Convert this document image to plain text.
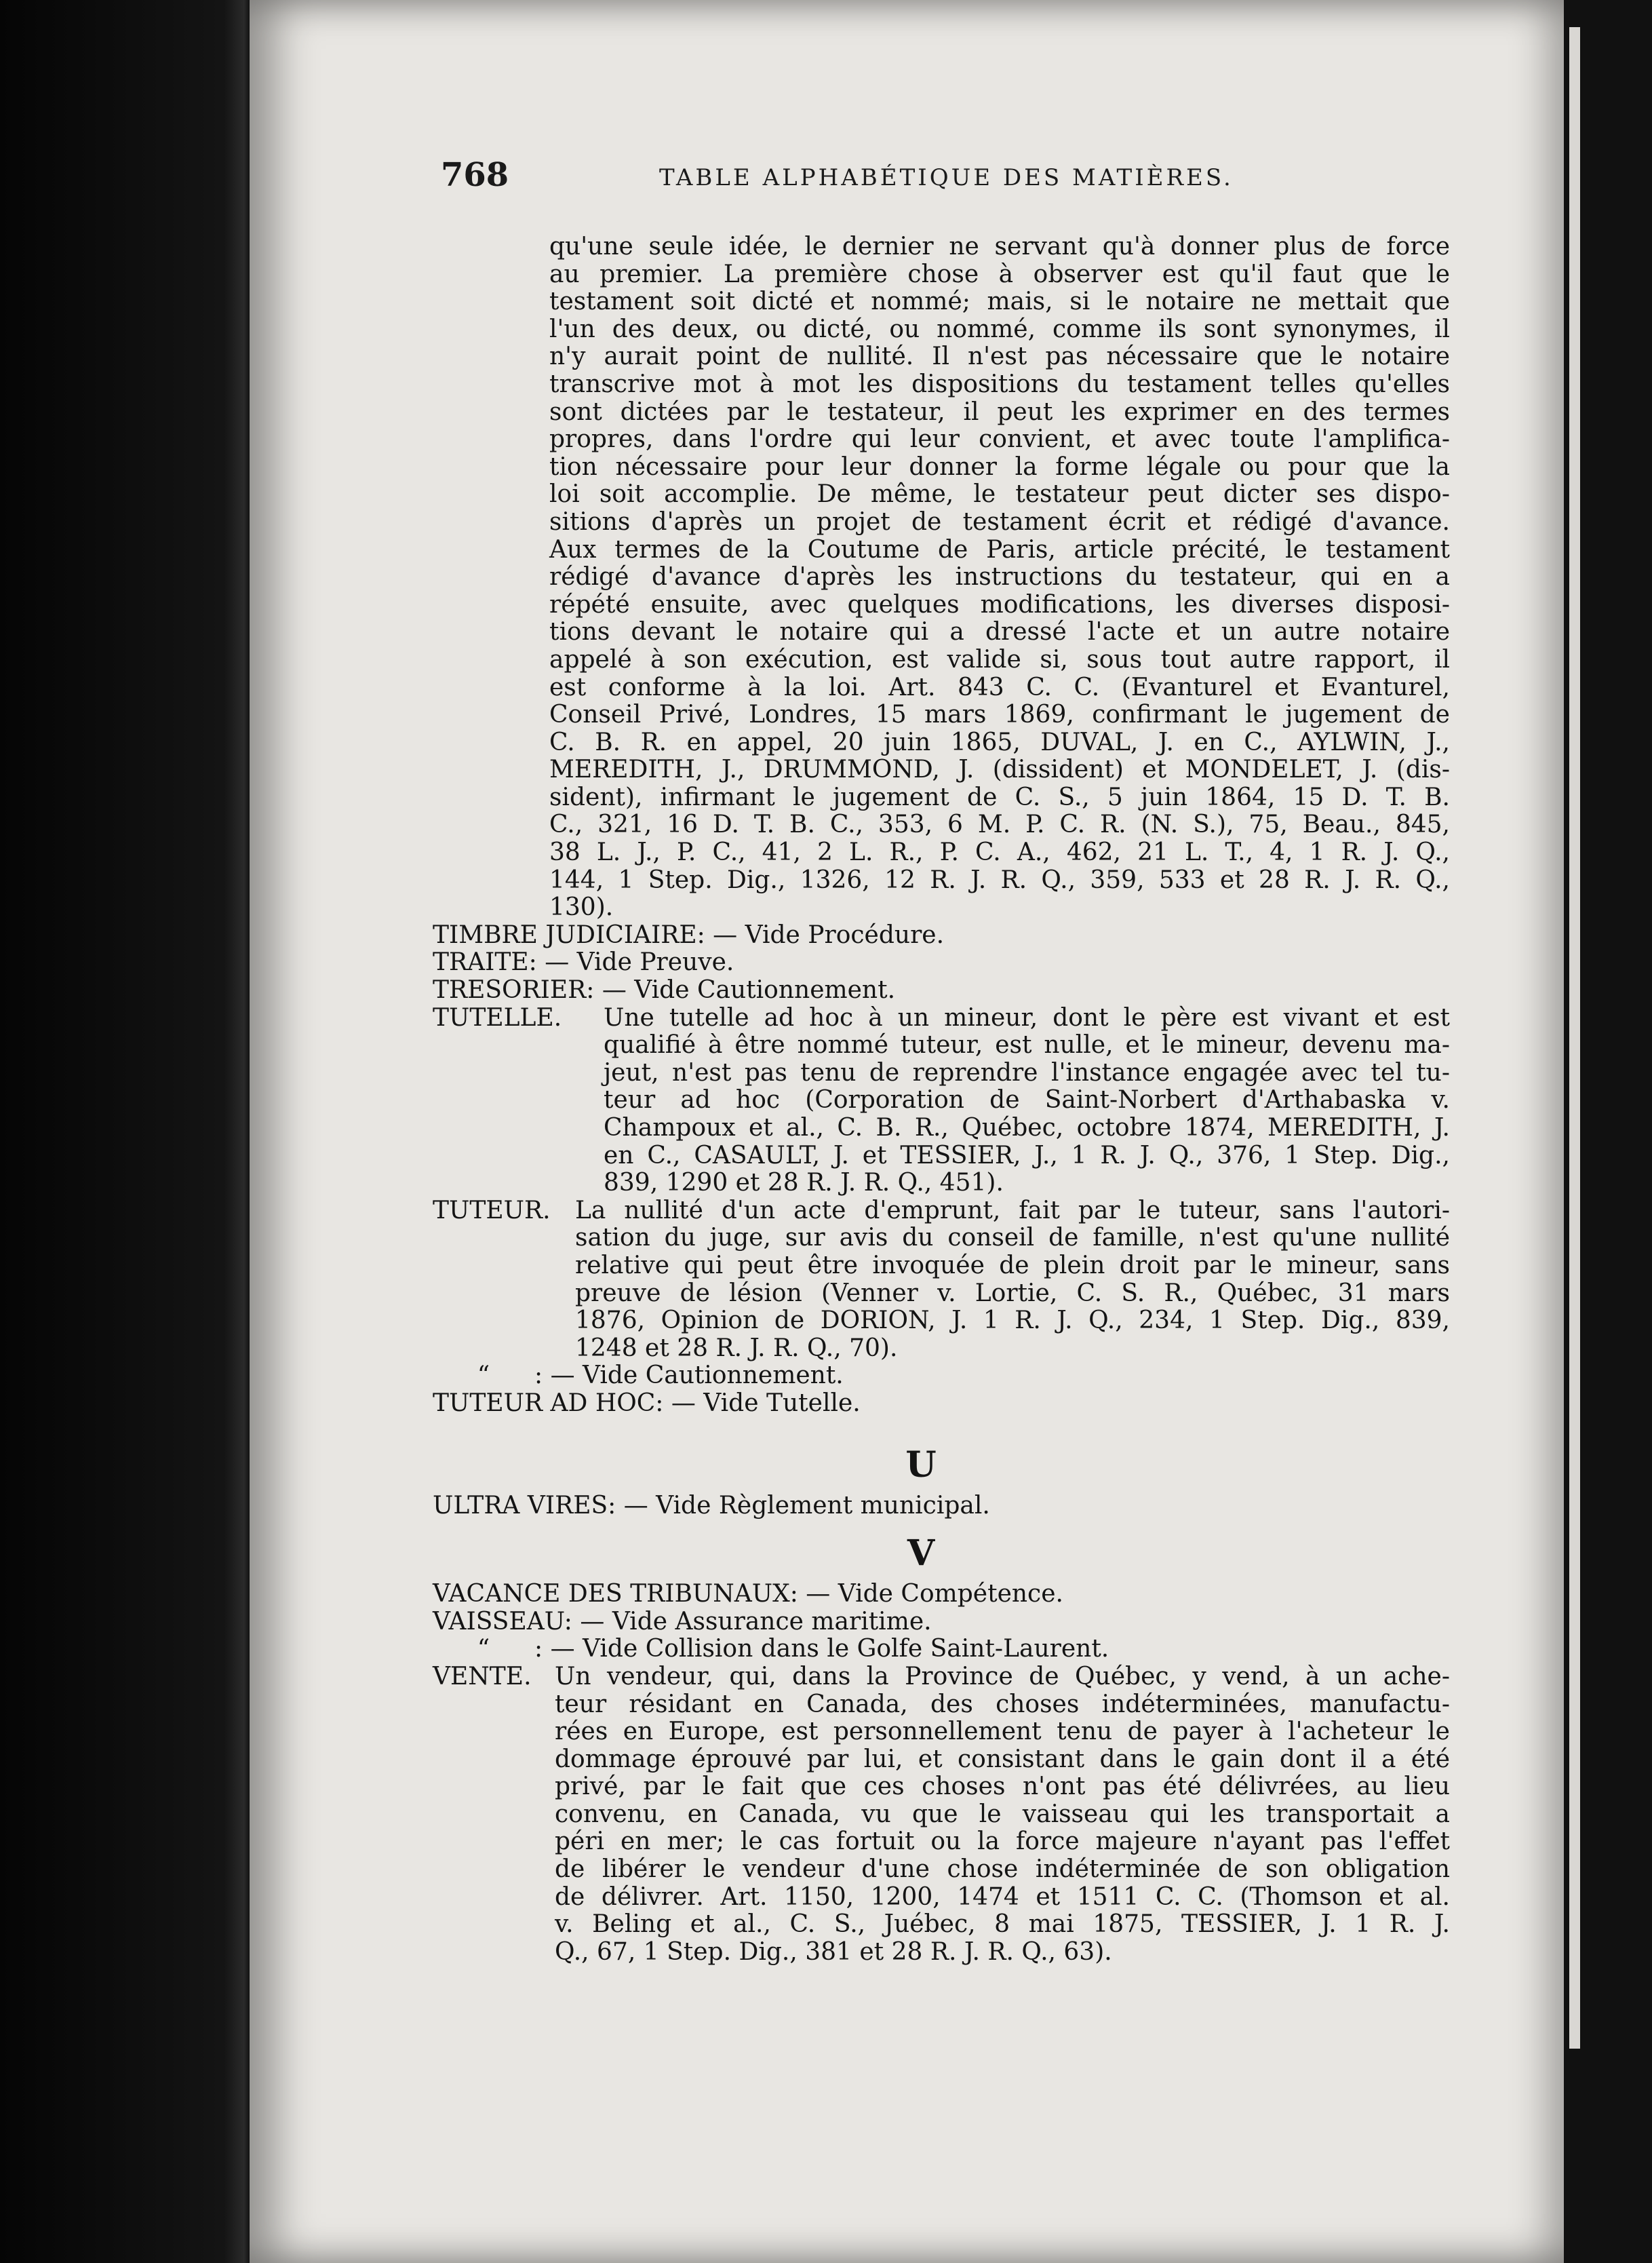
768	TABLE ALPHABÉTIQUE DES MATIÈRES.
qu'une seule idée, le dernier ne servant qu'à donner plus de force
au premier. La première chose à observer est qu'il faut que le
testament soit dicté et nommé; mais, si le notaire ne mettait que
l'un des deux, ou dicté, ou nommé, comme ils sont synonymes, il
n'y aurait point de nullité. Il n'est pas nécessaire que le notaire
transcrive mot à mot les dispositions du testament telles qu'elles
sont dictées par le testateur, il peut les exprimer en des termes
propres, dans l'ordre qui leur convient, et avec toute l'amplifica-
tion nécessaire pour leur donner la forme légale ou pour que la
loi soit accomplie. De même, le testateur peut dicter ses dispo-
sitions d'après un projet de testament écrit et rédigé d'avance.
Aux termes de la Coutume de Paris, article précité, le testament
rédigé d'avance d'après les instructions du testateur, qui en a
répété ensuite, avec quelques modifications, les diverses disposi-
tions devant le notaire qui a dressé l'acte et un autre notaire
appelé à son exécution, est valide si, sous tout autre rapport, il
est conforme à la loi. Art. 843 C. C. (Evanturel et Evanturel,
Conseil Privé, Londres, 15 mars 1869, confirmant le jugement de
C. B. R. en appel, 20 juin 1865, DUVAL, J. en C., AYLWIN, J.,
MEREDITH, J., DRUMMOND, J. (dissident) et MONDELET, J. (dis-
sident), infirmant le jugement de C. S., 5 juin 1864, 15 D. T. B.
C., 321, 16 D. T. B. C., 353, 6 M. P. C. R. (N. S.), 75, Beau., 845,
38 L. J., P. C., 41, 2 L. R., P. C. A., 462, 21 L. T., 4, 1 R. J. Q.,
144, 1 Step. Dig., 1326, 12 R. J. R. Q., 359, 533 et 28 R. J. R. Q.,
130).
TIMBRE JUDICIAIRE: — Vide Procédure.
TRAITE: — Vide Preuve.
TRESORIER: — Vide Cautionnement.
TUTELLE. Une tutelle ad hoc à un mineur, dont le père est vivant et est
qualifié à être nommé tuteur, est nulle, et le mineur, devenu ma-
jeut, n'est pas tenu de reprendre l'instance engagée avec tel tu-
teur ad hoc (Corporation de Saint-Norbert d'Arthabaska v.
Champoux et al., C. B. R., Québec, octobre 1874, MEREDITH, J.
en C., CASAULT, J. et TESSIER, J., 1 R. J. Q., 376, 1 Step. Dig.,
839, 1290 et 28 R. J. R. Q., 451).
TUTEUR. La nullité d'un acte d'emprunt, fait par le tuteur, sans l'autori-
sation du juge, sur avis du conseil de famille, n'est qu'une nullité
relative qui peut être invoquée de plein droit par le mineur, sans
preuve de lésion (Venner v. Lortie, C. S. R., Québec, 31 mars
1876, Opinion de DORION, J. 1 R. J. Q., 234, 1 Step. Dig., 839,
1248 et 28 R. J. R. Q., 70).
“ : — Vide Cautionnement.
TUTEUR AD HOC: — Vide Tutelle.
U
ULTRA VIRES: — Vide Règlement municipal.
V
VACANCE DES TRIBUNAUX: — Vide Compétence.
VAISSEAU: — Vide Assurance maritime.
“ : — Vide Collision dans le Golfe Saint-Laurent.
VENTE. Un vendeur, qui, dans la Province de Québec, y vend, à un ache-
teur résidant en Canada, des choses indéterminées, manufactu-
rées en Europe, est personnellement tenu de payer à l'acheteur le
dommage éprouvé par lui, et consistant dans le gain dont il a été
privé, par le fait que ces choses n'ont pas été délivrées, au lieu
convenu, en Canada, vu que le vaisseau qui les transportait a
péri en mer; le cas fortuit ou la force majeure n'ayant pas l'effet
de libérer le vendeur d'une chose indéterminée de son obligation
de délivrer. Art. 1150, 1200, 1474 et 1511 C. C. (Thomson et al.
v. Beling et al., C. S., Juébec, 8 mai 1875, TESSIER, J. 1 R. J.
Q., 67, 1 Step. Dig., 381 et 28 R. J. R. Q., 63).
